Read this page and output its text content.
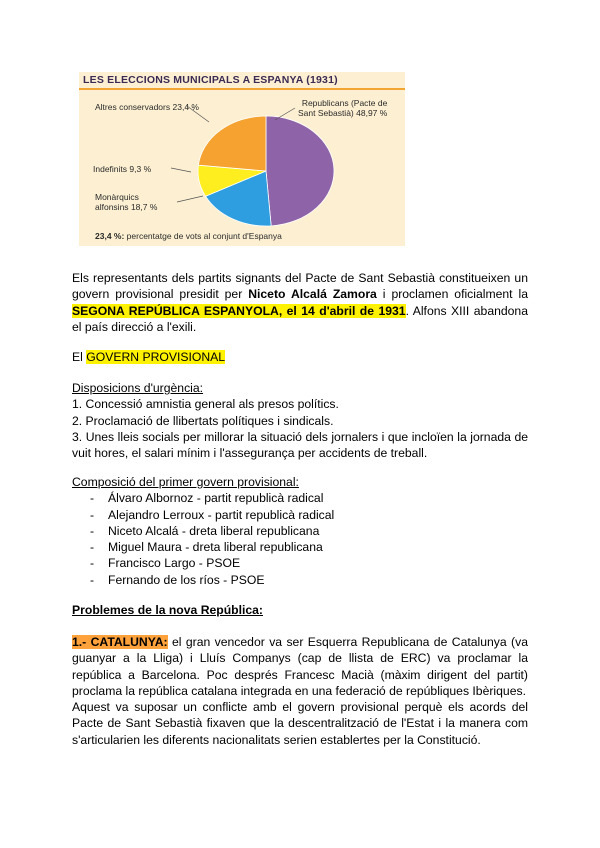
LES ELECCIONS MUNICIPALS A ESPANYA (1931)
Altres conservadors 23,4 %	Republicans (Pacte de
Sant Sebastià) 48,97 %
Indefinits 9,3 %
Monàrquics
alfonsins 18,7 %
23,4 %: percentatge de vots al conjunt d'Espanya

Els representants dels partits signants del Pacte de Sant Sebastià constitueixen un govern provisional presidit per Niceto Alcalá Zamora i proclamen oficialment la SEGONA REPÚBLICA ESPANYOLA, el 14 d'abril de 1931. Alfons XIII abandona el país direcció a l'exili.

El GOVERN PROVISIONAL

Disposicions d'urgència:
1. Concessió amnistia general als presos polítics.
2. Proclamació de llibertats polítiques i sindicals.
3. Unes lleis socials per millorar la situació dels jornalers i que incloïen la jornada de vuit hores, el salari mínim i l'assegurança per accidents de treball.
Composició del primer govern provisional:
- Álvaro Albornoz - partit republicà radical
- Alejandro Lerroux - partit republicà radical
- Niceto Alcalá - dreta liberal republicana
- Miguel Maura - dreta liberal republicana
- Francisco Largo - PSOE
- Fernando de los ríos - PSOE

Problemes de la nova República:

1.- CATALUNYA: el gran vencedor va ser Esquerra Republicana de Catalunya (va guanyar a la Lliga) i Lluís Companys (cap de llista de ERC) va proclamar la república a Barcelona. Poc després Francesc Macià (màxim dirigent del partit) proclama la república catalana integrada en una federació de repúbliques Ibèriques.
Aquest va suposar un conflicte amb el govern provisional perquè els acords del Pacte de Sant Sebastià fixaven que la descentralització de l'Estat i la manera com s'articularien les diferents nacionalitats serien establertes per la Constitució.
